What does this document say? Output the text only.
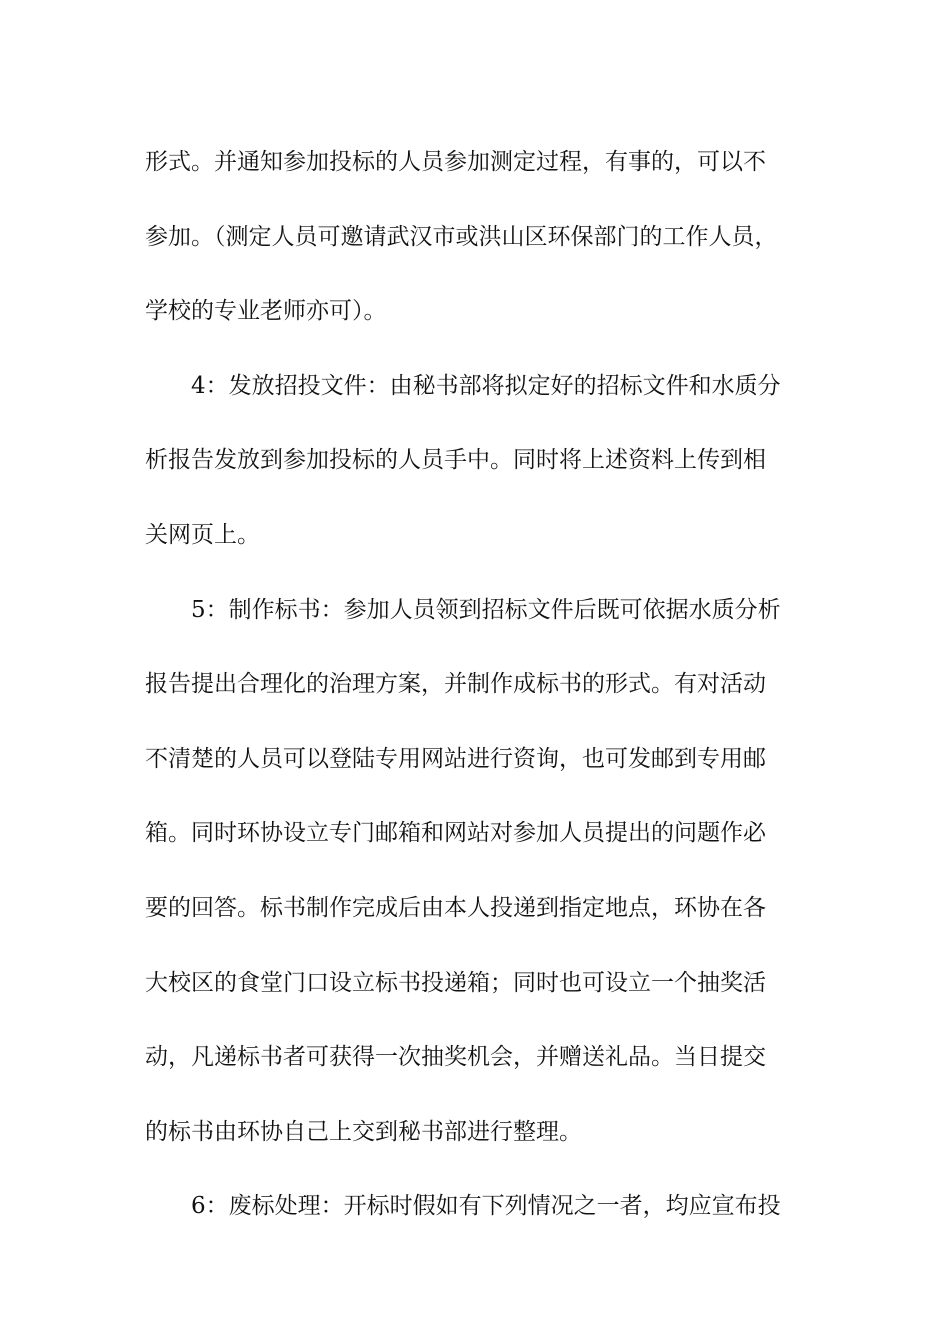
形式。并通知参加投标的人员参加测定过程，有事的，可以不
参加。（测定人员可邀请武汉市或洪山区环保部门的工作人员，
学校的专业老师亦可）。
4：发放招投文件：由秘书部将拟定好的招标文件和水质分
析报告发放到参加投标的人员手中。同时将上述资料上传到相
关网页上。
5：制作标书：参加人员领到招标文件后既可依据水质分析
报告提出合理化的治理方案，并制作成标书的形式。有对活动
不清楚的人员可以登陆专用网站进行资询，也可发邮到专用邮
箱。同时环协设立专门邮箱和网站对参加人员提出的问题作必
要的回答。标书制作完成后由本人投递到指定地点，环协在各
大校区的食堂门口设立标书投递箱；同时也可设立一个抽奖活
动，凡递标书者可获得一次抽奖机会，并赠送礼品。当日提交
的标书由环协自己上交到秘书部进行整理。
6：废标处理：开标时假如有下列情况之一者，均应宣布投
